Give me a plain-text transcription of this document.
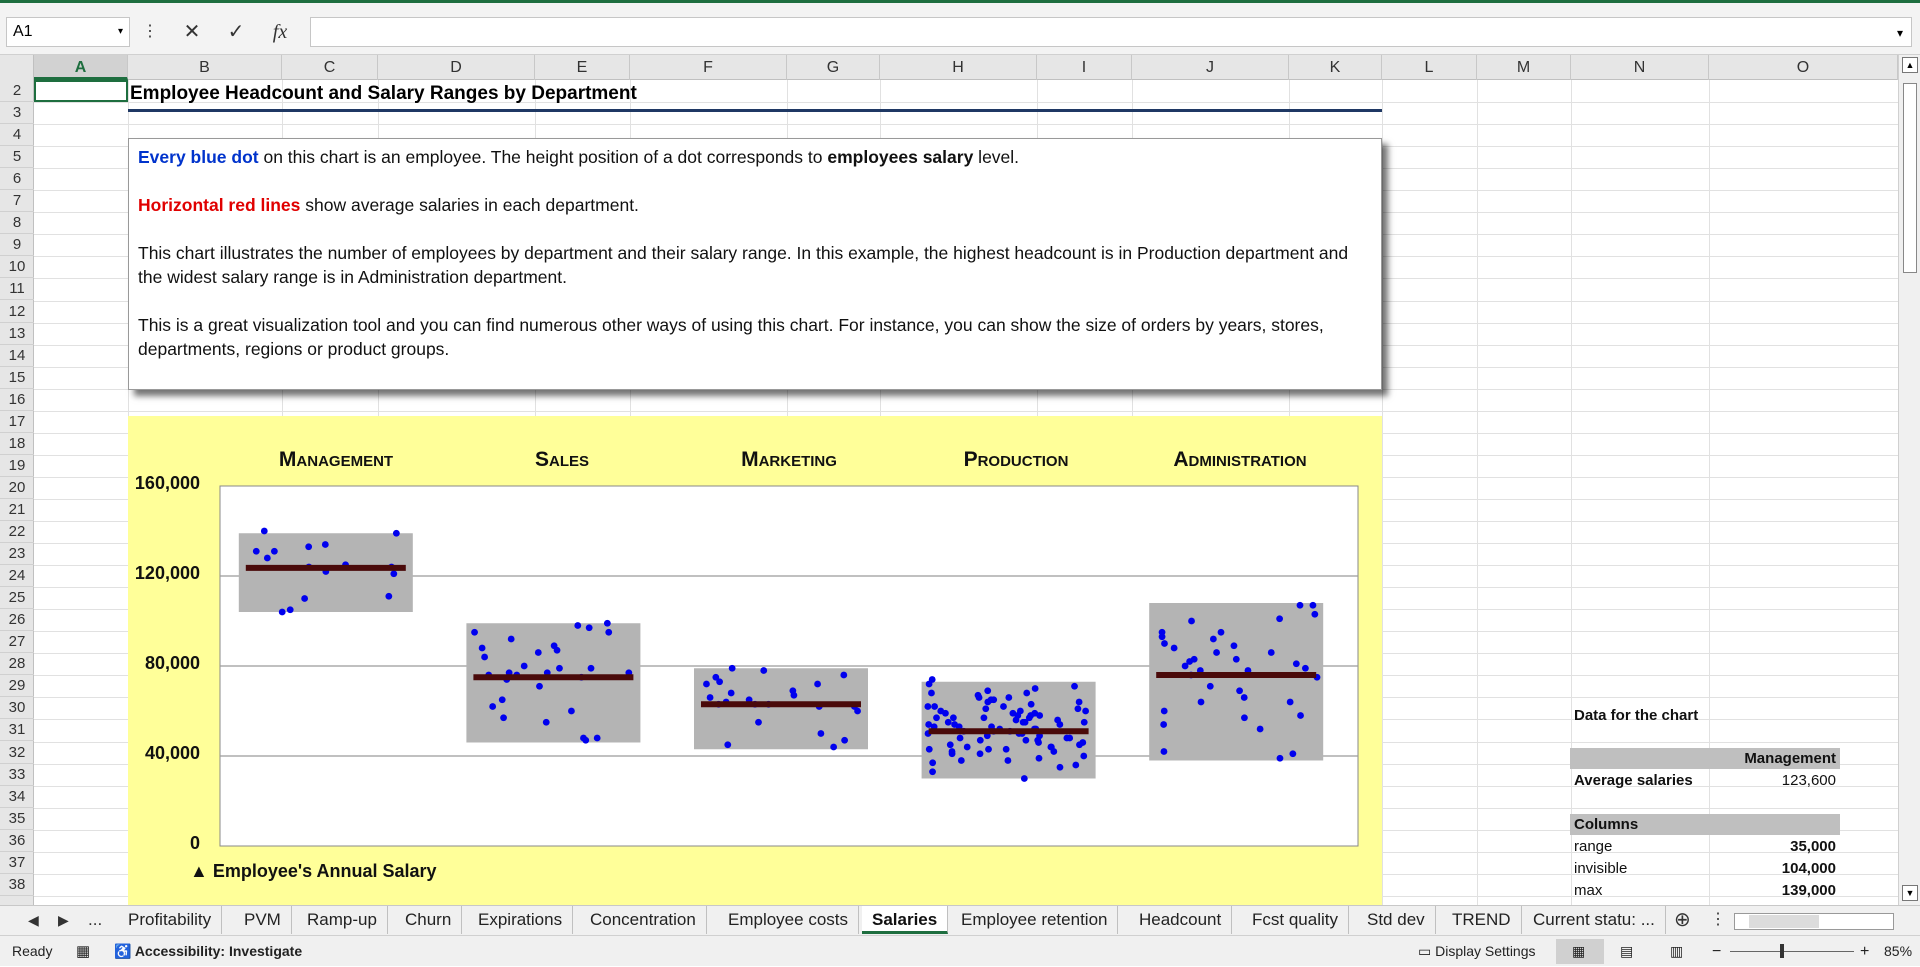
A1	▾	⋮	✕	✓	fx	▾
A	B	C	D	E	F	G	H	I	J	K	L	M	N	O
2
3
4
5
6
7
8
9
10
11
12
13
14
15
16
17
18
19
20
21
22
23
24
25
26
27
28
29
30
31
32
33
34
35
36
37
38
Employee Headcount and Salary Ranges by Department

Every blue dot on this chart is an employee. The height position of a dot corresponds to employees salary level.

Horizontal red lines show average salaries in each department.

This chart illustrates the number of employees by department and their salary range. In this example, the highest headcount is in Production department and the widest salary range is in Administration department.

This is a great visualization tool and you can find numerous other ways of using this chart. For instance, you can show the size of orders by years, stores, departments, regions or product groups.

Management	Sales	Marketing	Production	Administration
160,000
120,000
80,000
40,000
0
▲ Employee's Annual Salary
Data for the chart
Management
Average salaries	123,600
Columns
range	35,000
invisible	104,000
max	139,000
▲
▼
◀ ▶ ...	Profitability	PVM	Ramp-up	Churn	Expirations	Concentration	Employee costs	Salaries	Employee retention	Headcount	Fcst quality	Std dev	TREND	Current statu: ... ⊕ ⋮
Ready ▦ ♿ Accessibility: Investigate	▭ Display Settings	▦ ▤	▥ −	+ 85%
